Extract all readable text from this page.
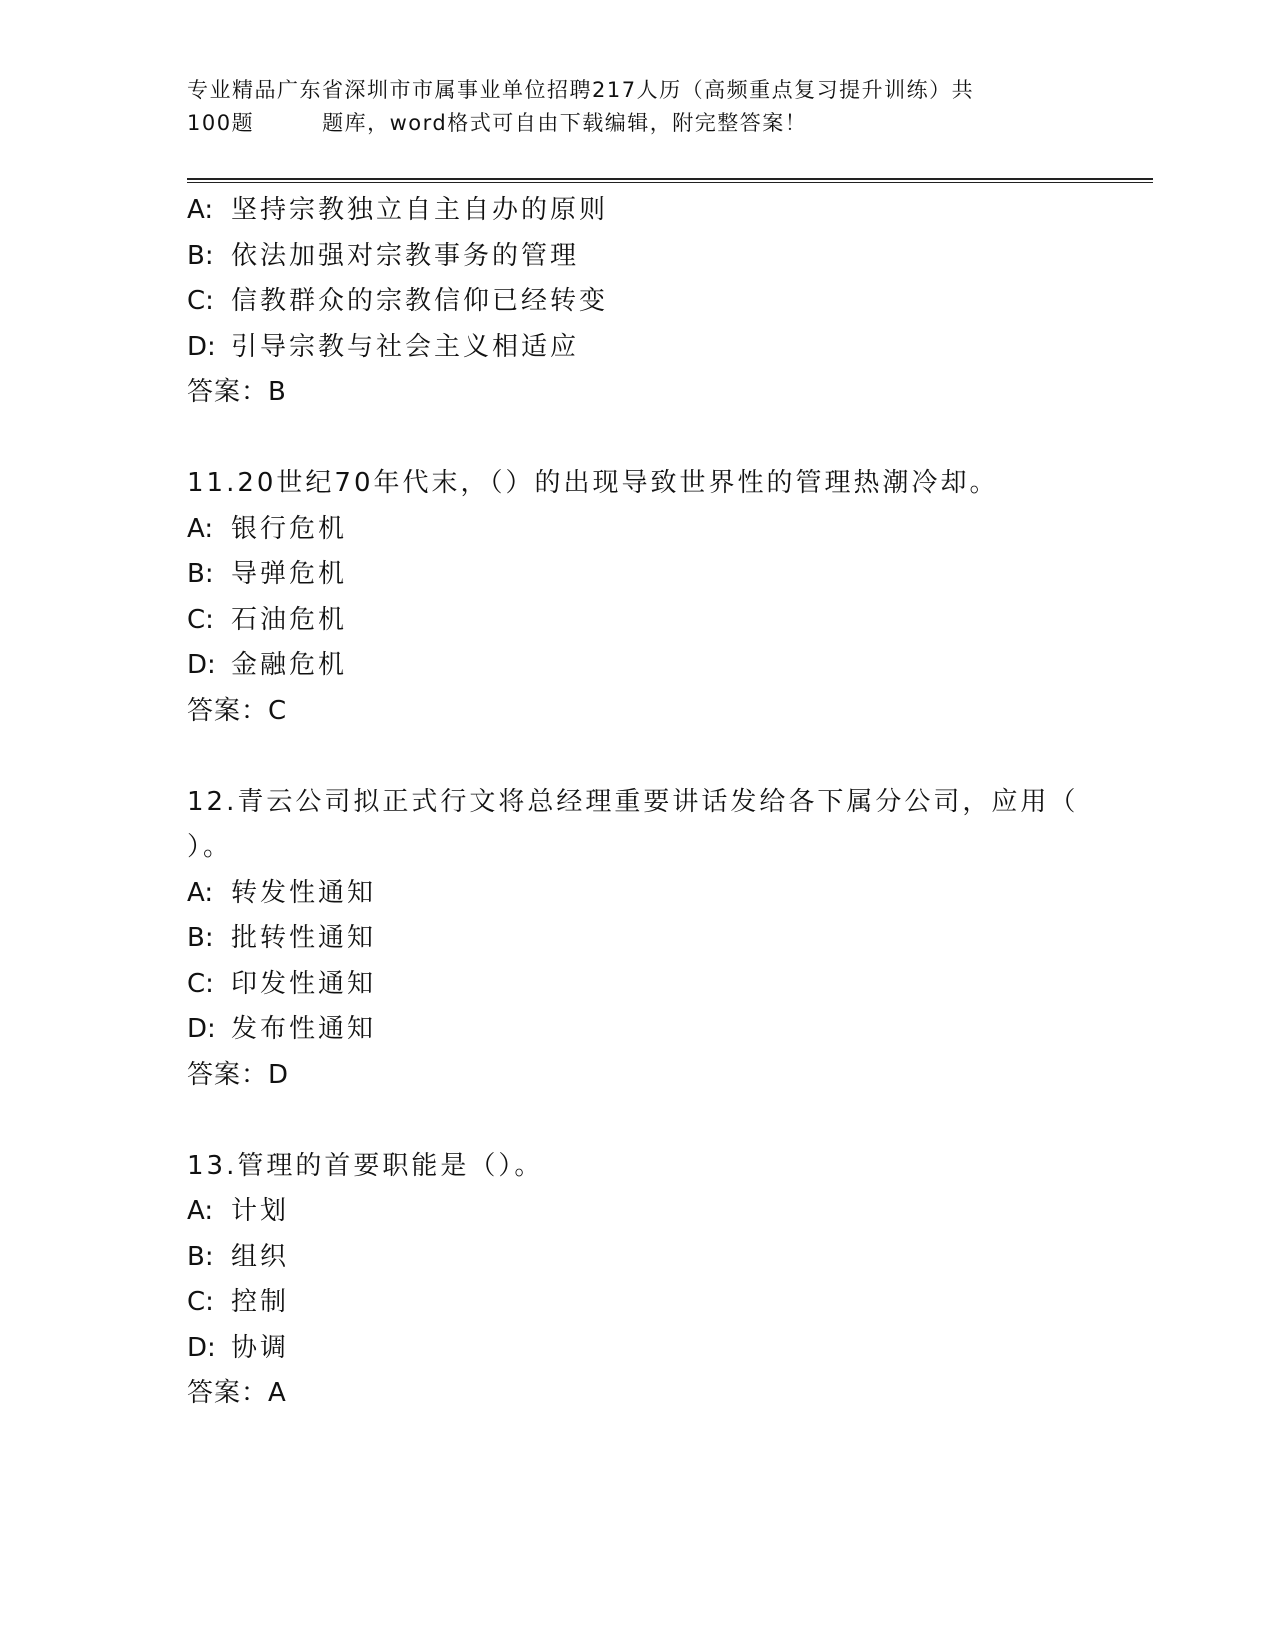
专业精品广东省深圳市市属事业单位招聘217人历（高频重点复习提升训练）共
100题	题库，word格式可自由下载编辑，附完整答案！
A: 坚持宗教独立自主自办的原则
B: 依法加强对宗教事务的管理
C: 信教群众的宗教信仰已经转变
D: 引导宗教与社会主义相适应
答案：B
11.20世纪70年代末，（）的出现导致世界性的管理热潮冷却。
A: 银行危机
B: 导弹危机
C: 石油危机
D: 金融危机
答案：C
12.青云公司拟正式行文将总经理重要讲话发给各下属分公司，应用（
）。
A: 转发性通知
B: 批转性通知
C: 印发性通知
D: 发布性通知
答案：D
13.管理的首要职能是（）。
A: 计划
B: 组织
C: 控制
D: 协调
答案：A
